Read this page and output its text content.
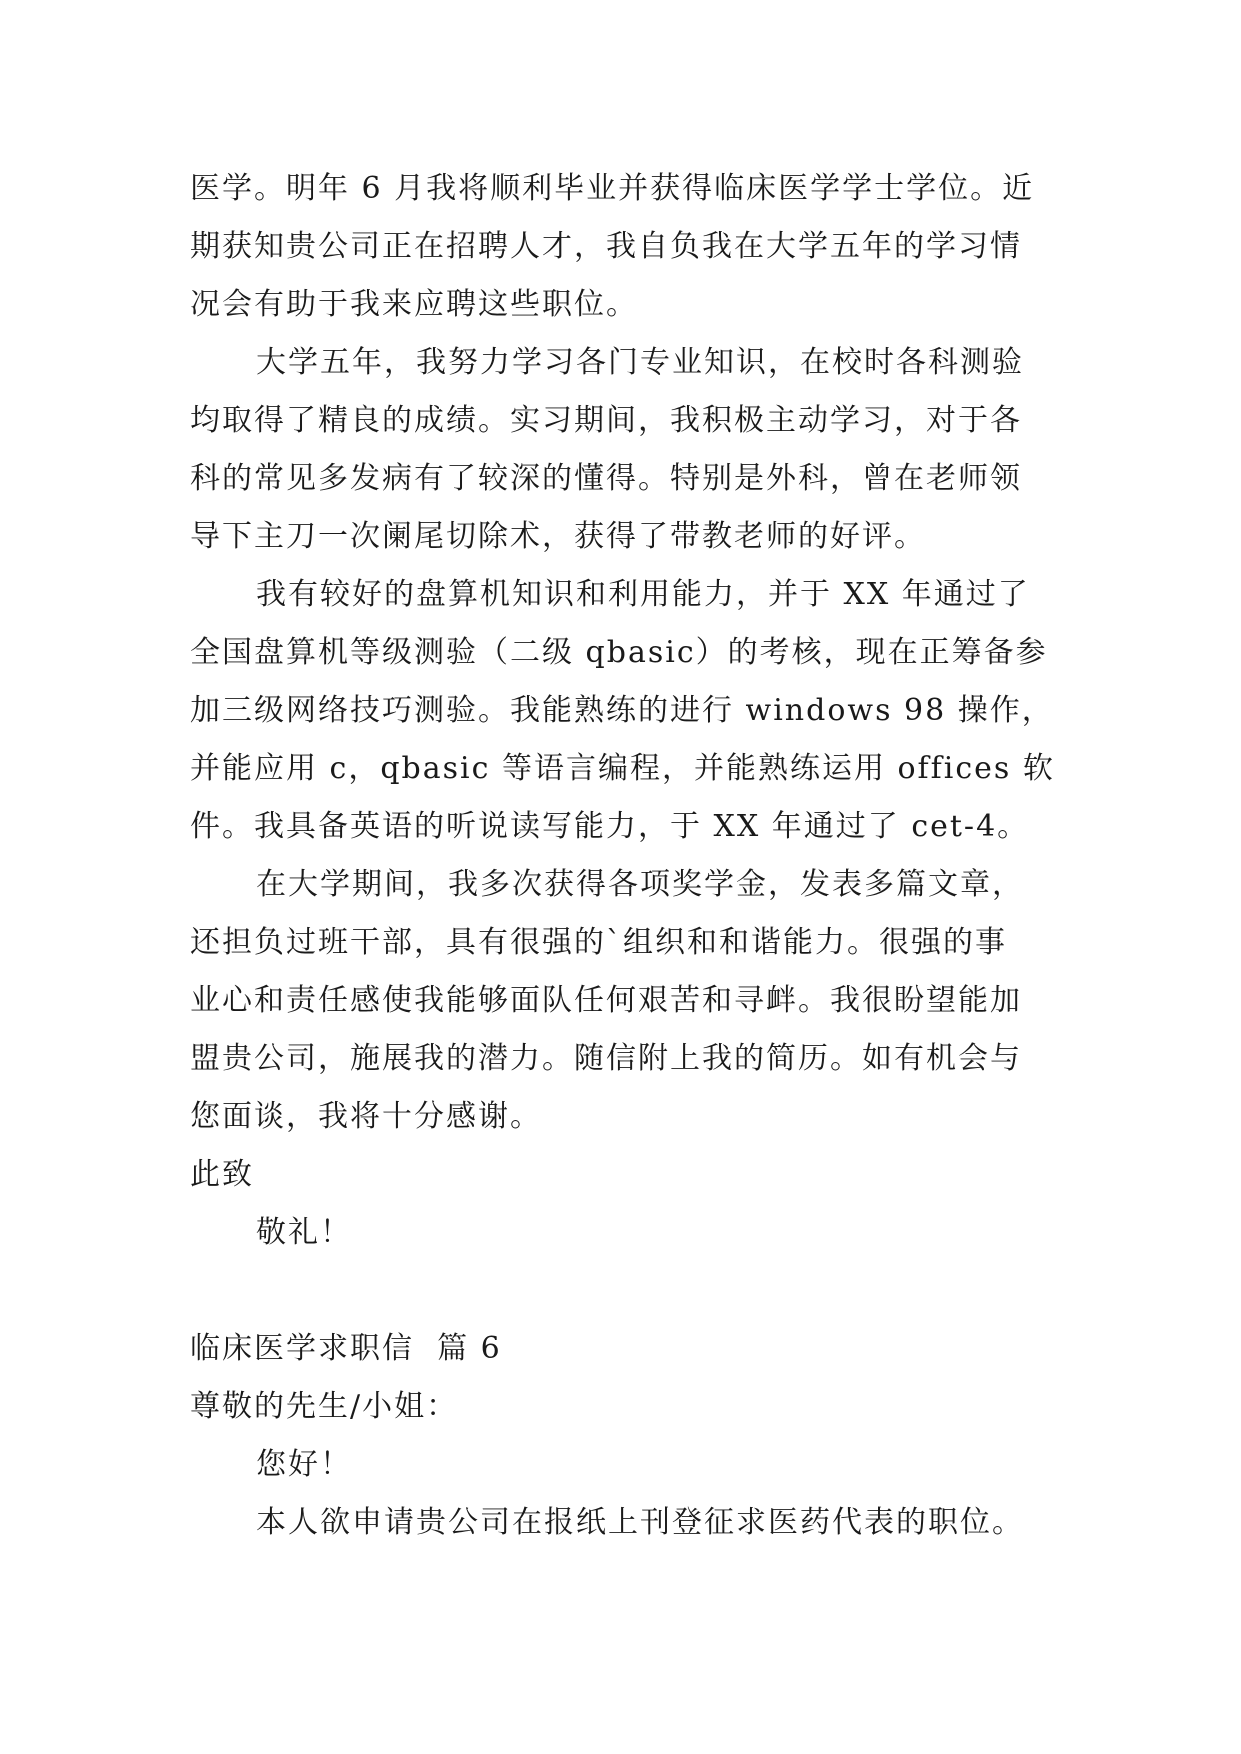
医学。明年 6 月我将顺利毕业并获得临床医学学士学位。近
期获知贵公司正在招聘人才，我自负我在大学五年的学习情
况会有助于我来应聘这些职位。
大学五年，我努力学习各门专业知识，在校时各科测验
均取得了精良的成绩。实习期间，我积极主动学习，对于各
科的常见多发病有了较深的懂得。特别是外科，曾在老师领
导下主刀一次阑尾切除术，获得了带教老师的好评。
我有较好的盘算机知识和利用能力，并于 XX 年通过了
全国盘算机等级测验（二级 qbasic）的考核，现在正筹备参
加三级网络技巧测验。我能熟练的进行 windows 98 操作，
并能应用 c，qbasic 等语言编程，并能熟练运用 offices 软
件。我具备英语的听说读写能力，于 XX 年通过了 cet-4。
在大学期间，我多次获得各项奖学金，发表多篇文章，
还担负过班干部，具有很强的`组织和和谐能力。很强的事
业心和责任感使我能够面队任何艰苦和寻衅。我很盼望能加
盟贵公司，施展我的潜力。随信附上我的简历。如有机会与
您面谈，我将十分感谢。
此致
敬礼！
临床医学求职信  篇 6
尊敬的先生/小姐：
您好！
本人欲申请贵公司在报纸上刊登征求医药代表的职位。
